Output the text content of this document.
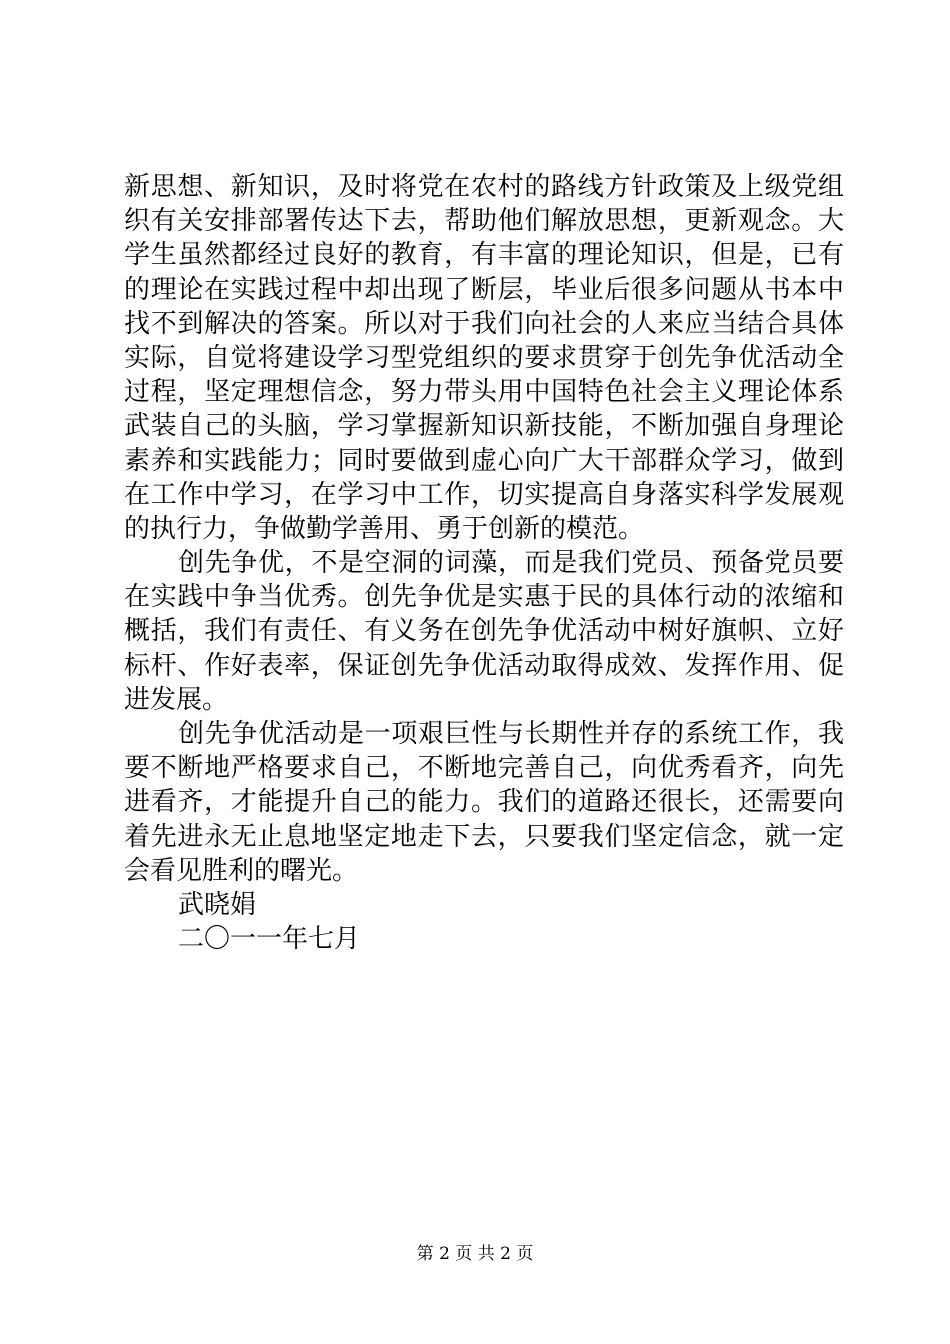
新思想、新知识，及时将党在农村的路线方针政策及上级党组
织有关安排部署传达下去，帮助他们解放思想，更新观念。大
学生虽然都经过良好的教育，有丰富的理论知识，但是，已有
的理论在实践过程中却出现了断层，毕业后很多问题从书本中
找不到解决的答案。所以对于我们向社会的人来应当结合具体
实际，自觉将建设学习型党组织的要求贯穿于创先争优活动全
过程，坚定理想信念，努力带头用中国特色社会主义理论体系
武装自己的头脑，学习掌握新知识新技能，不断加强自身理论
素养和实践能力；同时要做到虚心向广大干部群众学习，做到
在工作中学习，在学习中工作，切实提高自身落实科学发展观
的执行力，争做勤学善用、勇于创新的模范。
创先争优，不是空洞的词藻，而是我们党员、预备党员要
在实践中争当优秀。创先争优是实惠于民的具体行动的浓缩和
概括，我们有责任、有义务在创先争优活动中树好旗帜、立好
标杆、作好表率，保证创先争优活动取得成效、发挥作用、促
进发展。
创先争优活动是一项艰巨性与长期性并存的系统工作，我
要不断地严格要求自己，不断地完善自己，向优秀看齐，向先
进看齐，才能提升自己的能力。我们的道路还很长，还需要向
着先进永无止息地坚定地走下去，只要我们坚定信念，就一定
会看见胜利的曙光。
武晓娟
二〇一一年七月
第 2 页 共 2 页
